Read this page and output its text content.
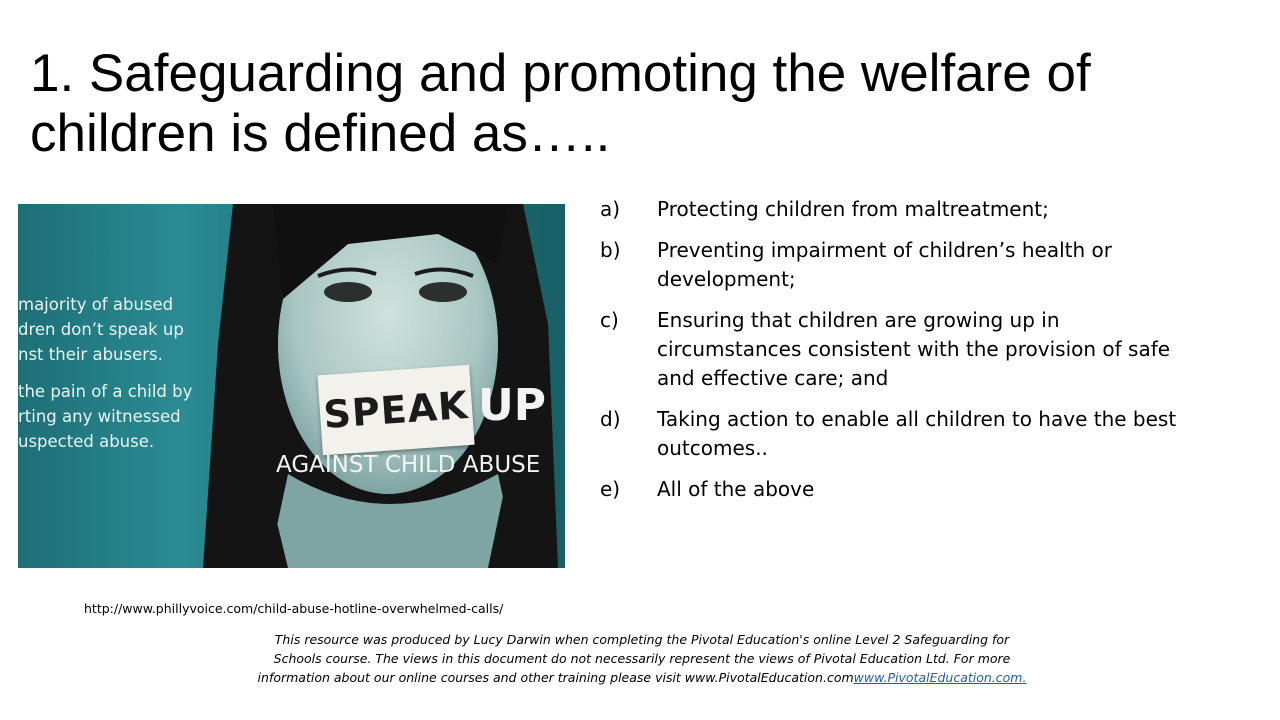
1. Safeguarding and promoting the welfare of children is defined as…..
majority of abused
dren don’t speak up
nst their abusers.
the pain of a child by
rting any witnessed
uspected abuse.
SPEAK UP
AGAINST CHILD ABUSE
a)	Protecting children from maltreatment;
b)	Preventing impairment of children’s health or development;
c)	Ensuring that children are growing up in circumstances consistent with the provision of safe and effective care; and
d)	Taking action to enable all children to have the best outcomes..
e)	All of the above
http://www.phillyvoice.com/child-abuse-hotline-overwhelmed-calls/
This resource was produced by Lucy Darwin when completing the Pivotal Education's online Level 2 Safeguarding for Schools course. The views in this document do not necessarily represent the views of Pivotal Education Ltd. For more information about our online courses and other training please visit www.PivotalEducation.comwww.PivotalEducation.com.
